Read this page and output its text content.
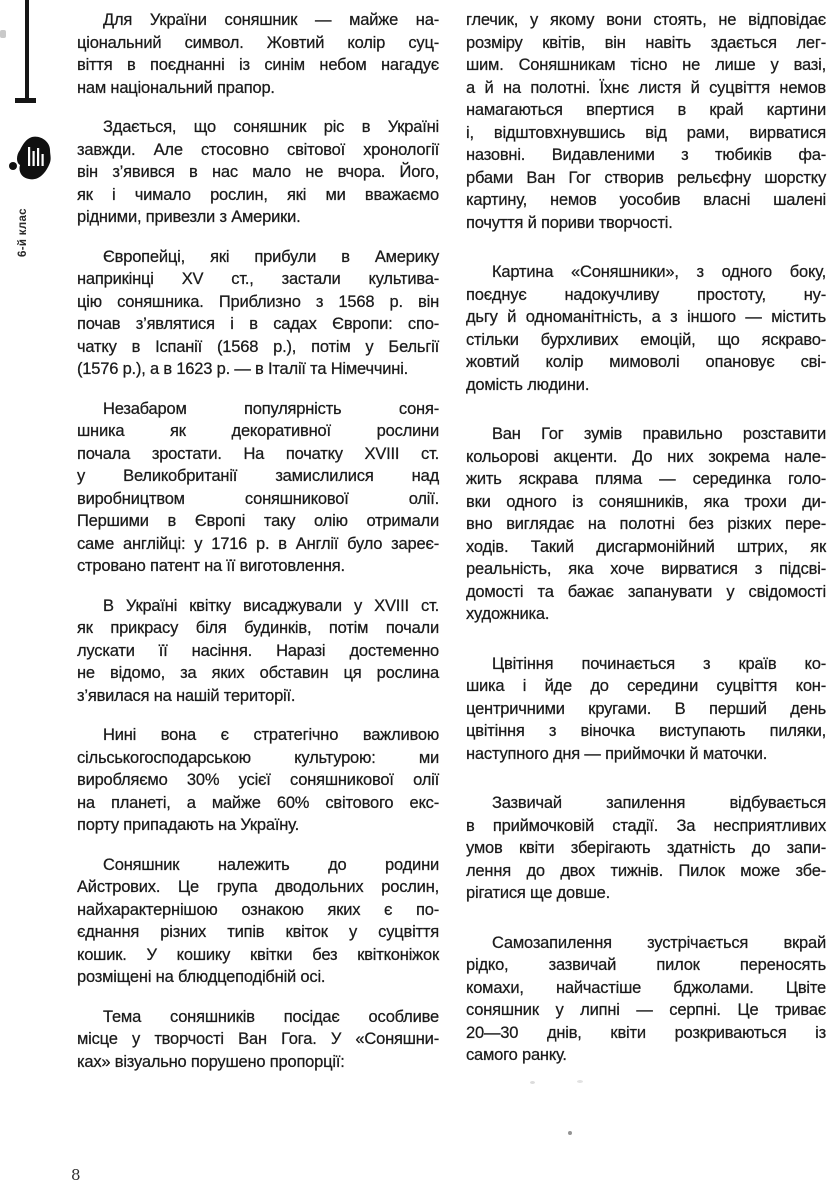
6-й клас
Для України соняшник — майже на-
ціональний символ. Жовтий колір суц-
віття в поєднанні із синім небом нагадує
нам національний прапор.
Здається, що соняшник ріс в Україні
завжди. Але стосовно світової хронології
він з’явився в нас мало не вчора. Його,
як і чимало рослин, які ми вважаємо
рідними, привезли з Америки.
Європейці, які прибули в Америку
наприкінці XV ст., застали культива-
цію соняшника. Приблизно з 1568 р. він
почав з’являтися і в садах Європи: спо-
чатку в Іспанії (1568 р.), потім у Бельгії
(1576 р.), а в 1623 р. — в Італії та Німеччині.
Незабаром популярність соня-
шника як декоративної рослини
почала зростати. На початку XVIII ст.
у Великобританії замислилися над
виробництвом соняшникової олії.
Першими в Європі таку олію отримали
саме англійці: у 1716 р. в Англії було зареє-
стровано патент на її виготовлення.
В Україні квітку висаджували у XVIII ст.
як прикрасу біля будинків, потім почали
лускати її насіння. Наразі достеменно
не відомо, за яких обставин ця рослина
з’явилася на нашій території.
Нині вона є стратегічно важливою
сільськогосподарською культурою: ми
виробляємо 30% усієї соняшникової олії
на планеті, а майже 60% світового екс-
порту припадають на Україну.
Соняшник належить до родини
Айстрових. Це група дводольних рослин,
найхарактернішою ознакою яких є по-
єднання різних типів квіток у суцвіття
кошик. У кошику квітки без квітконіжок
розміщені на блюдцеподібній осі.
Тема соняшників посідає особливе
місце у творчості Ван Гога. У «Соняшни-
ках» візуально порушено пропорції:
глечик, у якому вони стоять, не відповідає
розміру квітів, він навіть здається лег-
шим. Соняшникам тісно не лише у вазі,
а й на полотні. Їхнє листя й суцвіття немов
намагаються впертися в край картини
і, відштовхнувшись від рами, вирватися
назовні. Видавленими з тюбиків фа-
рбами Ван Гог створив рельєфну шорстку
картину, немов уособив власні шалені
почуття й пориви творчості.
Картина «Соняшники», з одного боку,
поєднує надокучливу простоту, ну-
дьгу й одноманітність, а з іншого — містить
стільки бурхливих емоцій, що яскраво-
жовтий колір мимоволі опановує сві-
домість людини.
Ван Гог зумів правильно розставити
кольорові акценти. До них зокрема нале-
жить яскрава пляма — серединка голо-
вки одного із соняшників, яка трохи ди-
вно виглядає на полотні без різких пере-
ходів. Такий дисгармонійний штрих, як
реальність, яка хоче вирватися з підсві-
домості та бажає запанувати у свідомості
художника.
Цвітіння починається з країв ко-
шика і йде до середини суцвіття кон-
центричними кругами. В перший день
цвітіння з віночка виступають пиляки,
наступного дня — приймочки й маточки.
Зазвичай запилення відбувається
в приймочковій стадії. За несприятливих
умов квіти зберігають здатність до запи-
лення до двох тижнів. Пилок може збе-
рігатися ще довше.
Самозапилення зустрічається вкрай
рідко, зазвичай пилок переносять
комахи, найчастіше бджолами. Цвіте
соняшник у липні — серпні. Це триває
20—30 днів, квіти розкриваються із
самого ранку.
8
